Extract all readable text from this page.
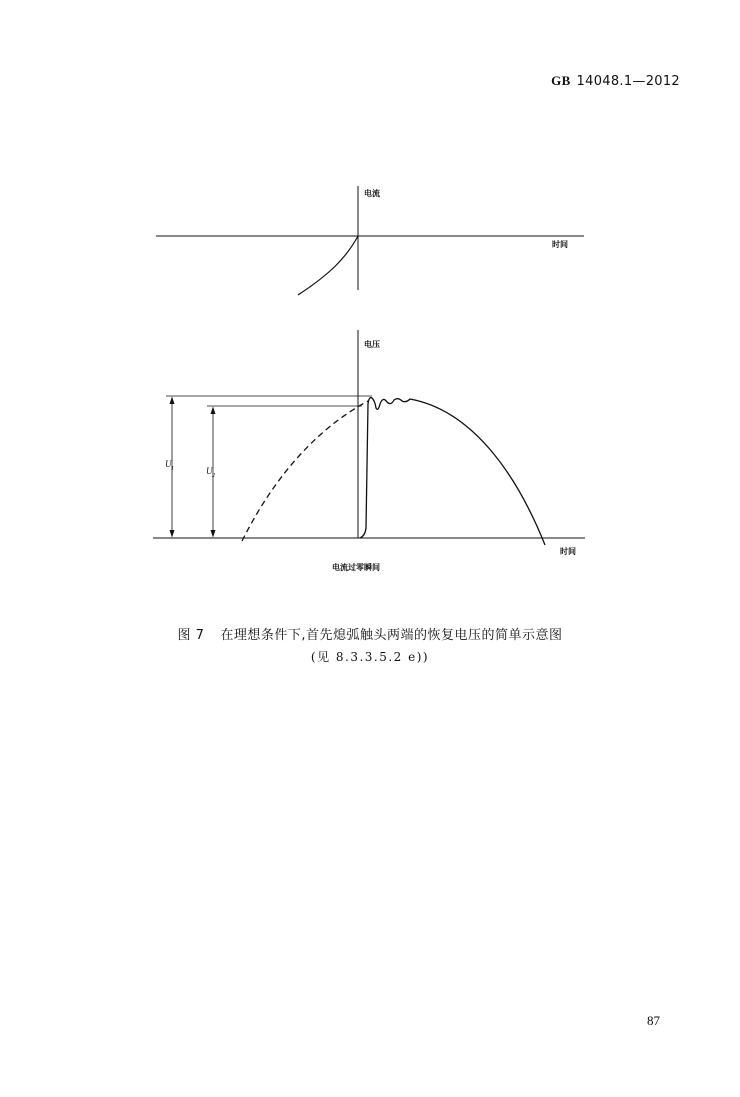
GB 14048.1—2012
电流
时间
电压
时间
电流过零瞬间
U 1	U 2
图 7 在理想条件下,首先熄弧触头两端的恢复电压的简单示意图
(见 8.3.3.5.2 e))
87
